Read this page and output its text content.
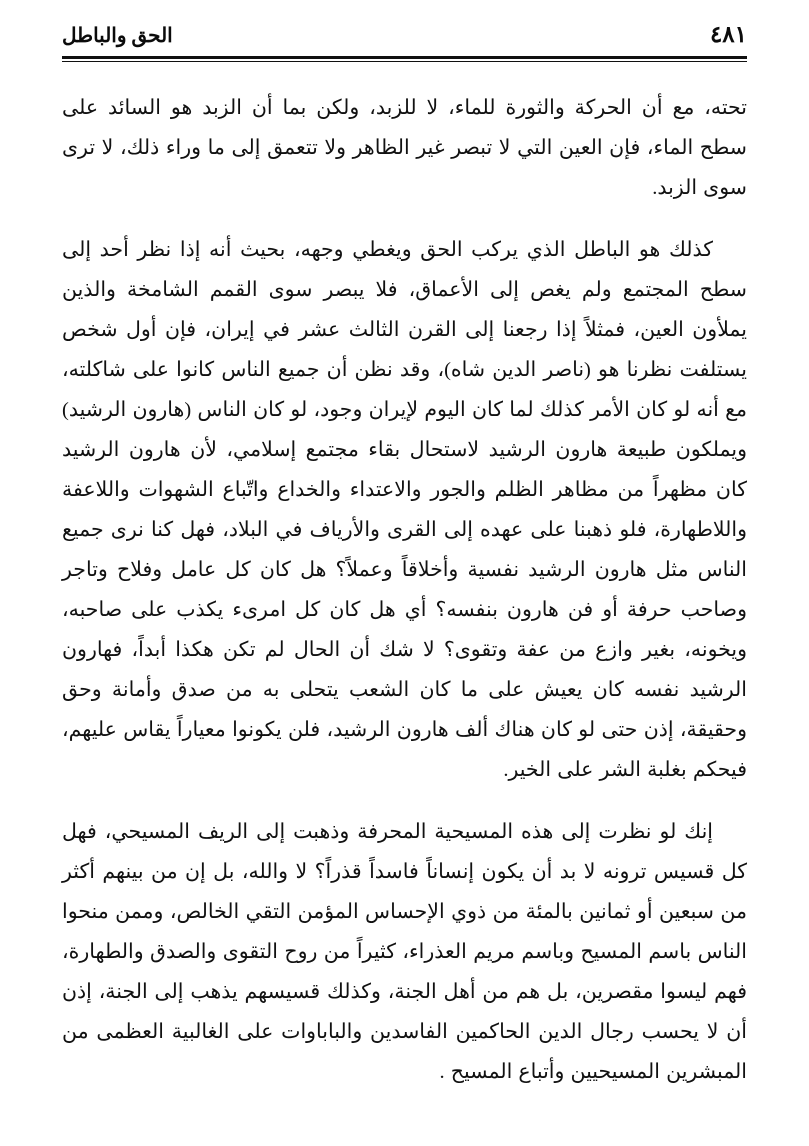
٤٨١
الحق والباطل

تحته، مع أن الحركة والثورة للماء، لا للزبد، ولكن بما أن الزبد هو السائد على سطح الماء، فإن العين التي لا تبصر غير الظاهر ولا تتعمق إلى ما وراء ذلك، لا ترى سوى الزبد.

كذلك هو الباطل الذي يركب الحق ويغطي وجهه، بحيث أنه إذا نظر أحد إلى سطح المجتمع ولم يغص إلى الأعماق، فلا يبصر سوى القمم الشامخة والذين يملأون العين، فمثلاً إذا رجعنا إلى القرن الثالث عشر في إيران، فإن أول شخص يستلفت نظرنا هو (ناصر الدين شاه)، وقد نظن أن جميع الناس كانوا على شاكلته، مع أنه لو كان الأمر كذلك لما كان اليوم لإيران وجود، لو كان الناس (هارون الرشيد) ويملكون طبيعة هارون الرشيد لاستحال بقاء مجتمع إسلامي، لأن هارون الرشيد كان مظهراً من مظاهر الظلم والجور والاعتداء والخداع واتّباع الشهوات واللاعفة واللاطهارة، فلو ذهبنا على عهده إلى القرى والأرياف في البلاد، فهل كنا نرى جميع الناس مثل هارون الرشيد نفسية وأخلاقاً وعملاً؟ هل كان كل عامل وفلاح وتاجر وصاحب حرفة أو فن هارون بنفسه؟ أي هل كان كل امرىء يكذب على صاحبه، ويخونه، بغير وازع من عفة وتقوى؟ لا شك أن الحال لم تكن هكذا أبداً، فهارون الرشيد نفسه كان يعيش على ما كان الشعب يتحلى به من صدق وأمانة وحق وحقيقة، إذن حتى لو كان هناك ألف هارون الرشيد، فلن يكونوا معياراً يقاس عليهم، فيحكم بغلبة الشر على الخير.

إنك لو نظرت إلى هذه المسيحية المحرفة وذهبت إلى الريف المسيحي، فهل كل قسيس ترونه لا بد أن يكون إنساناً فاسداً قذراً؟ لا والله، بل إن من بينهم أكثر من سبعين أو ثمانين بالمئة من ذوي الإحساس المؤمن التقي الخالص، وممن منحوا الناس باسم المسيح وباسم مريم العذراء، كثيراً من روح التقوى والصدق والطهارة، فهم ليسوا مقصرين، بل هم من أهل الجنة، وكذلك قسيسهم يذهب إلى الجنة، إذن أن لا يحسب رجال الدين الحاكمين الفاسدين والباباوات على الغالبية العظمى من المبشرين المسيحيين وأتباع المسيح .
